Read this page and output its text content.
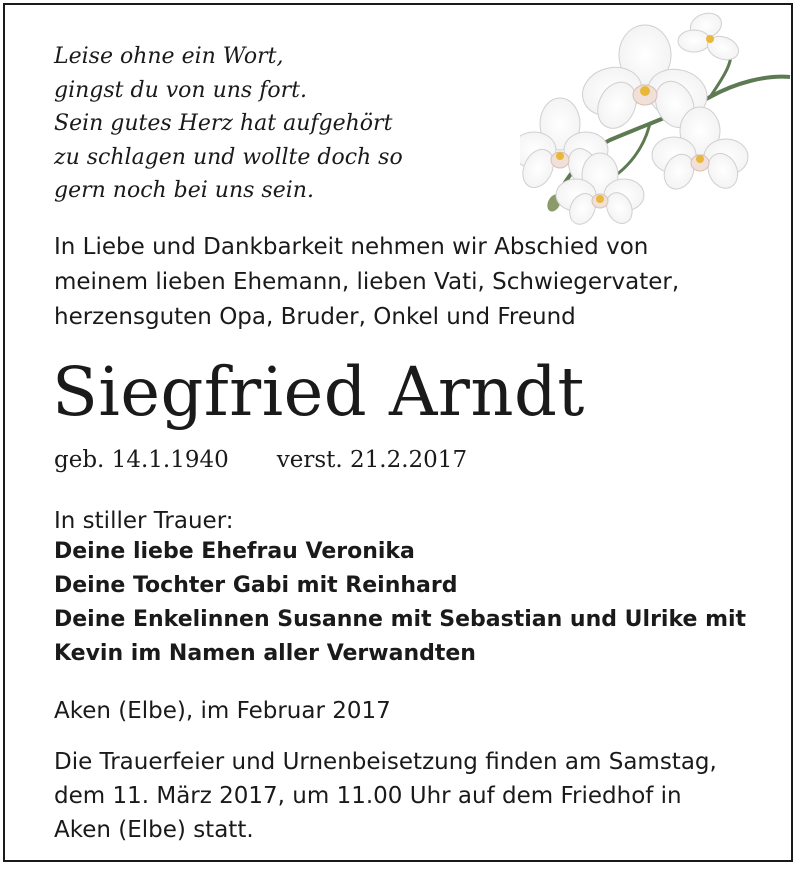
Leise ohne ein Wort,
gingst du von uns fort.
Sein gutes Herz hat aufgehört
zu schlagen und wollte doch so
gern noch bei uns sein.
In Liebe und Dankbarkeit nehmen wir Abschied von
meinem lieben Ehemann, lieben Vati, Schwiegervater,
herzensguten Opa, Bruder, Onkel und Freund
Siegfried Arndt
geb. 14.1.1940 verst. 21.2.2017
In stiller Trauer:
Deine liebe Ehefrau Veronika
Deine Tochter Gabi mit Reinhard
Deine Enkelinnen Susanne mit Sebastian und Ulrike mit
Kevin im Namen aller Verwandten
Aken (Elbe), im Februar 2017
Die Trauerfeier und Urnenbeisetzung finden am Samstag,
dem 11. März 2017, um 11.00 Uhr auf dem Friedhof in
Aken (Elbe) statt.
